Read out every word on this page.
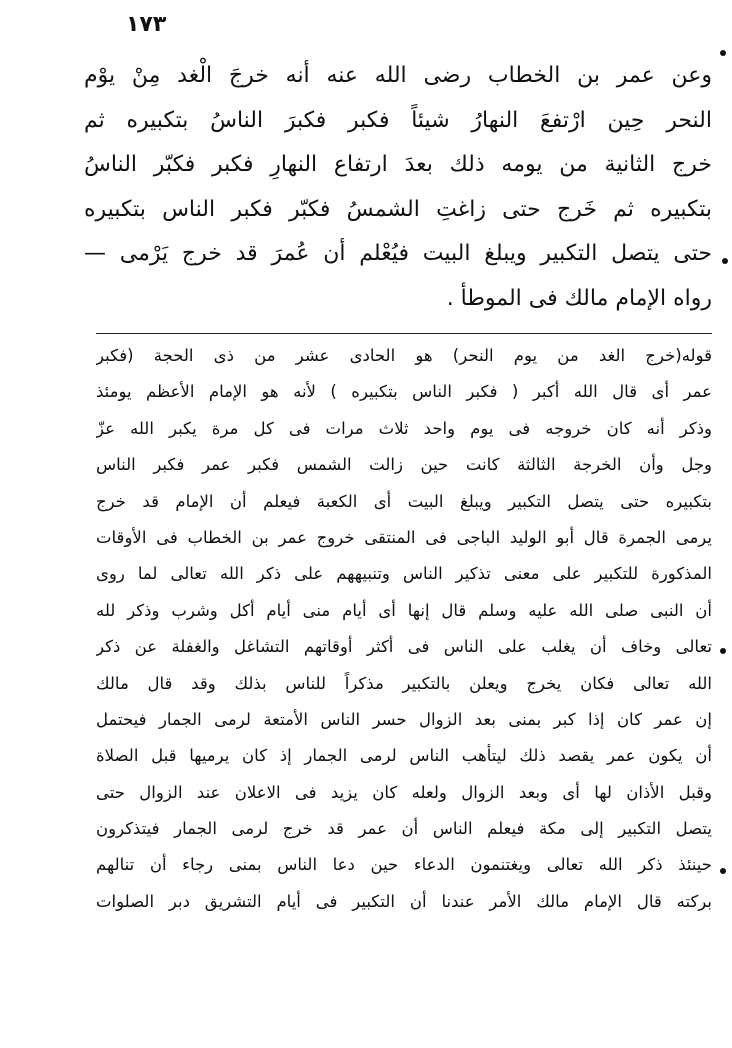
١٧٣
وعن عمر بن الخطاب رضى الله عنه أنه خرجَ الْغد مِنْ يوْم
النحر حِين ارْتفعَ النهارُ شيئاً فكبر فكبرَ الناسُ بتكبيره ثم
خرج الثانية من يومه ذلك بعدَ ارتفاع النهارِ فكبر فكبّر الناسُ
بتكبيره ثم خَرج حتى زاغتِ الشمسُ فكبّر فكبر الناس بتكبيره
حتى يتصل التكبير ويبلغ البيت فيُعْلم أن عُمرَ قد خرج يَرْمى —
رواه الإمام مالك فى الموطأ .
قوله(خرج الغد من يوم النحر) هو الحادى عشر من ذى الحجة (فكبر
عمر أى قال الله أكبر ( فكبر الناس بتكبيره ) لأنه هو الإمام الأعظم يومئذ
وذكر أنه كان خروجه فى يوم واحد ثلاث مرات فى كل مرة يكبر الله عزّ
وجل وأن الخرجة الثالثة كانت حين زالت الشمس فكبر عمر فكبر الناس
بتكبيره حتى يتصل التكبير ويبلغ البيت أى الكعبة فيعلم أن الإمام قد خرج
يرمى الجمرة قال أبو الوليد الباجى فى المنتقى خروج عمر بن الخطاب فى الأوقات
المذكورة للتكبير على معنى تذكير الناس وتنبيههم على ذكر الله تعالى لما روى
أن النبى صلى الله عليه وسلم قال إنها أى أيام منى أيام أكل وشرب وذكر لله
تعالى وخاف أن يغلب على الناس فى أكثر أوقاتهم التشاغل والغفلة عن ذكر
الله تعالى فكان يخرج ويعلن بالتكبير مذكراً للناس بذلك وقد قال مالك
إن عمر كان إذا كبر بمنى بعد الزوال حسر الناس الأمتعة لرمى الجمار فيحتمل
أن يكون عمر يقصد ذلك ليتأهب الناس لرمى الجمار إذ كان يرميها قبل الصلاة
وقبل الأذان لها أى وبعد الزوال ولعله كان يزيد فى الاعلان عند الزوال حتى
يتصل التكبير إلى مكة فيعلم الناس أن عمر قد خرج لرمى الجمار فيتذكرون
حينئذ ذكر الله تعالى ويغتنمون الدعاء حين دعا الناس بمنى رجاء أن تنالهم
بركته قال الإمام مالك الأمر عندنا أن التكبير فى أيام التشريق دبر الصلوات
